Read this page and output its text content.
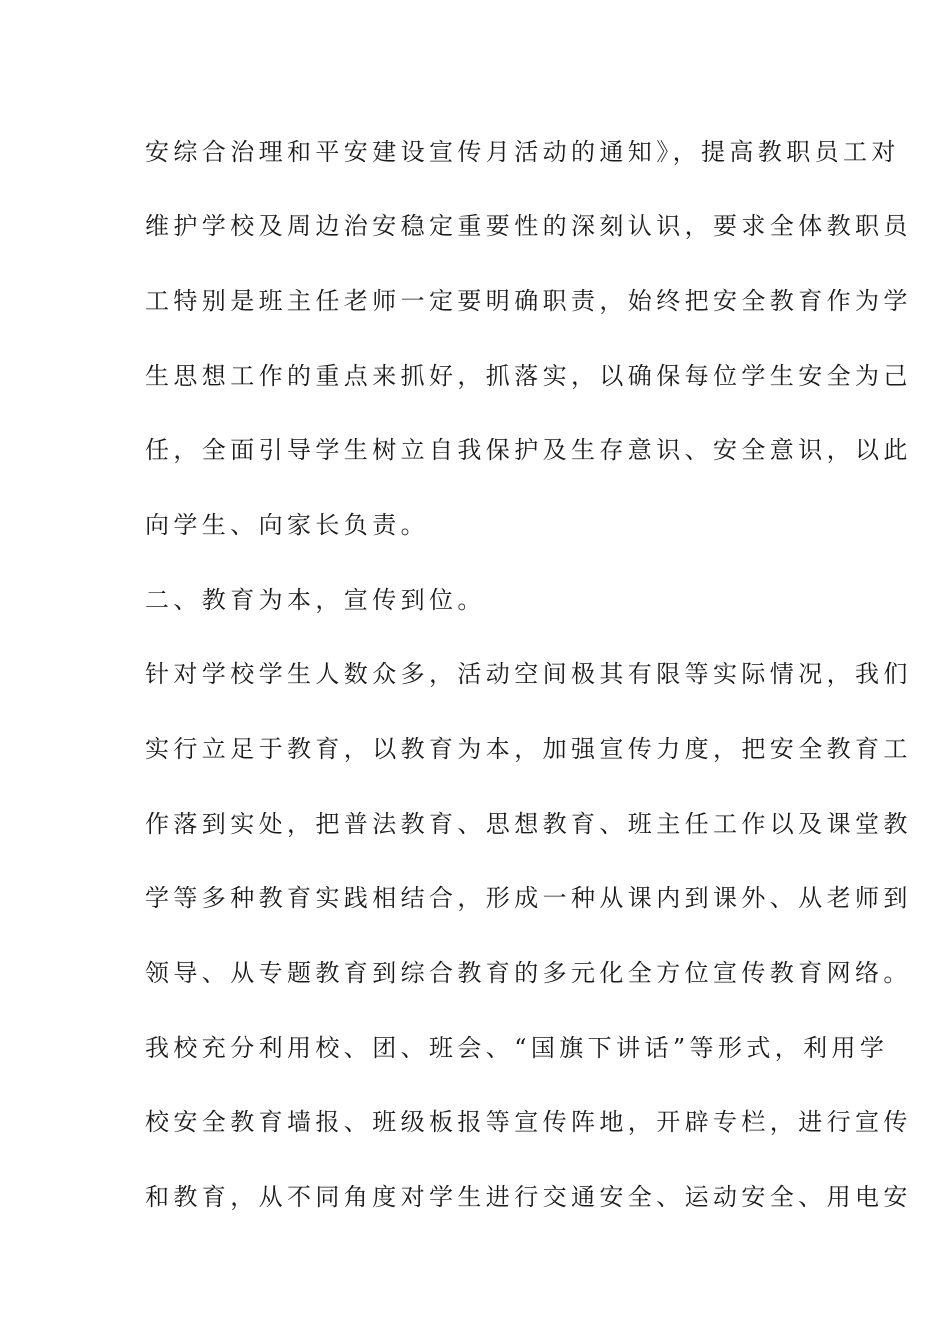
安综合治理和平安建设宣传月活动的通知》，提高教职员工对
维护学校及周边治安稳定重要性的深刻认识，要求全体教职员
工特别是班主任老师一定要明确职责，始终把安全教育作为学
生思想工作的重点来抓好，抓落实，以确保每位学生安全为己
任，全面引导学生树立自我保护及生存意识、安全意识，以此
向学生、向家长负责。
二、教育为本，宣传到位。
针对学校学生人数众多，活动空间极其有限等实际情况，我们
实行立足于教育，以教育为本，加强宣传力度，把安全教育工
作落到实处，把普法教育、思想教育、班主任工作以及课堂教
学等多种教育实践相结合，形成一种从课内到课外、从老师到
领导、从专题教育到综合教育的多元化全方位宣传教育网络。
我校充分利用校、团、班会、“国旗下讲话”等形式，利用学
校安全教育墙报、班级板报等宣传阵地，开辟专栏，进行宣传
和教育，从不同角度对学生进行交通安全、运动安全、用电安
